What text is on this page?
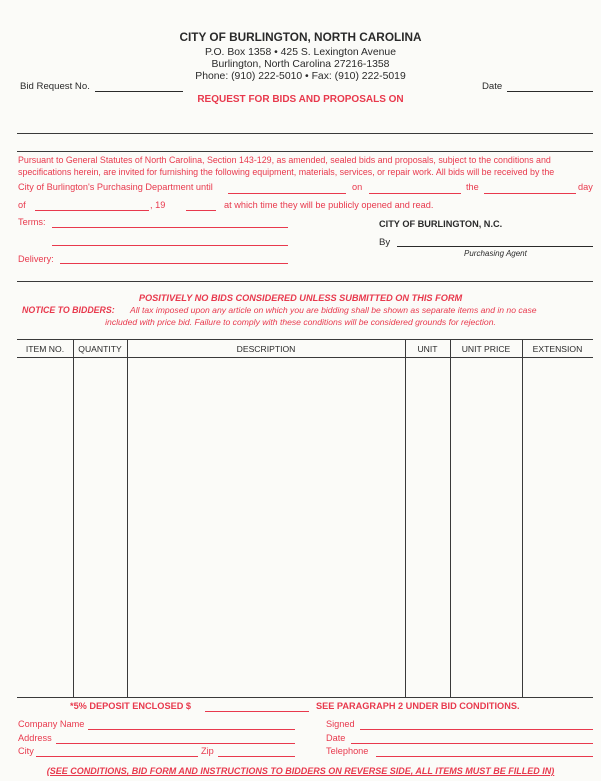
CITY OF BURLINGTON, NORTH CAROLINA
P.O. Box 1358 • 425 S. Lexington Avenue
Burlington, North Carolina 27216-1358
Phone: (910) 222-5010 • Fax: (910) 222-5019
Bid Request No.	Date
REQUEST FOR BIDS AND PROPOSALS ON
Pursuant to General Statutes of North Carolina, Section 143-129, as amended, sealed bids and proposals, subject to the conditions and
specifications herein, are invited for furnishing the following equipment, materials, services, or repair work. All bids will be received by the
City of Burlington's Purchasing Department until	on	the	day
of	, 19	at which time they will be publicly opened and read.
Terms:
Delivery:
CITY OF BURLINGTON, N.C.
By
Purchasing Agent
POSITIVELY NO BIDS CONSIDERED UNLESS SUBMITTED ON THIS FORM
NOTICE TO BIDDERS: All tax imposed upon any article on which you are bidding shall be shown as separate items and in no case
included with price bid. Failure to comply with these conditions will be considered grounds for rejection.
ITEM NO.	QUANTITY	DESCRIPTION	UNIT	UNIT PRICE	EXTENSION
*5% DEPOSIT ENCLOSED $	SEE PARAGRAPH 2 UNDER BID CONDITIONS.
Company Name
Address
City	Zip
Signed
Date
Telephone
(SEE CONDITIONS, BID FORM AND INSTRUCTIONS TO BIDDERS ON REVERSE SIDE, ALL ITEMS MUST BE FILLED IN)
